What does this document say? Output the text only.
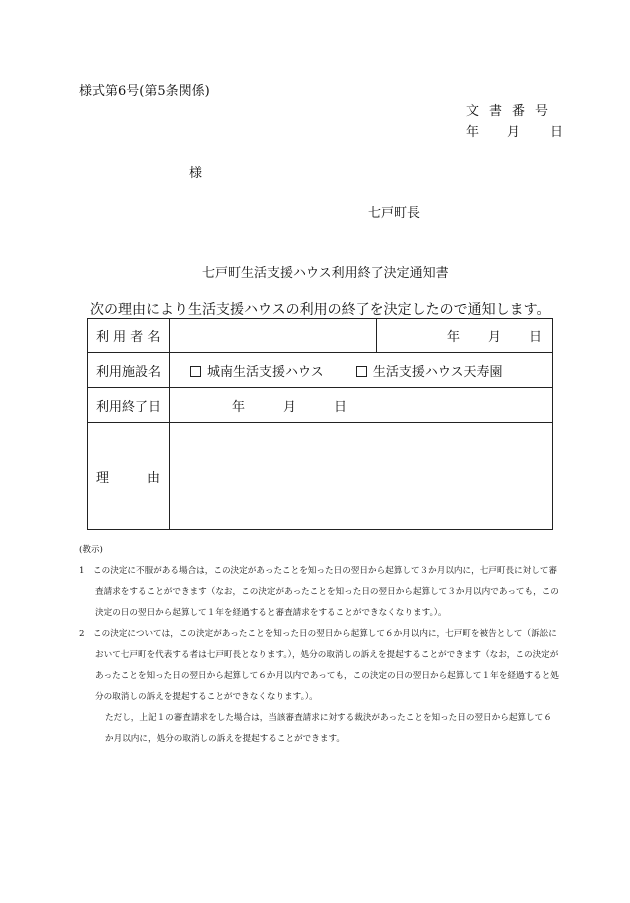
様式第6号(第5条関係)
文書番号
年 月 日
様
七戸町長
七戸町生活支援ハウス利用終了決定通知書
次の理由により生活支援ハウスの利用の終了を決定したので通知します。
利 用 者 名		年 月 日
利用施設名	城南生活支援ハウス 生活支援ハウス天寿園	
利用終了日	年 月 日	
理 由		

(教示)

1　この決定に不服がある場合は，この決定があったことを知った日の翌日から起算して３か月以内に，七戸町長に対して審査請求をすることができます（なお，この決定があったことを知った日の翌日から起算して３か月以内であっても，この決定の日の翌日から起算して１年を経過すると審査請求をすることができなくなります。）。

2　この決定については，この決定があったことを知った日の翌日から起算して６か月以内に，七戸町を被告として（訴訟において七戸町を代表する者は七戸町長となります。），処分の取消しの訴えを提起することができます（なお，この決定があったことを知った日の翌日から起算して６か月以内であっても，この決定の日の翌日から起算して１年を経過すると処分の取消しの訴えを提起することができなくなります。）。

ただし，上記１の審査請求をした場合は，当該審査請求に対する裁決があったことを知った日の翌日から起算して６か月以内に，処分の取消しの訴えを提起することができます。
